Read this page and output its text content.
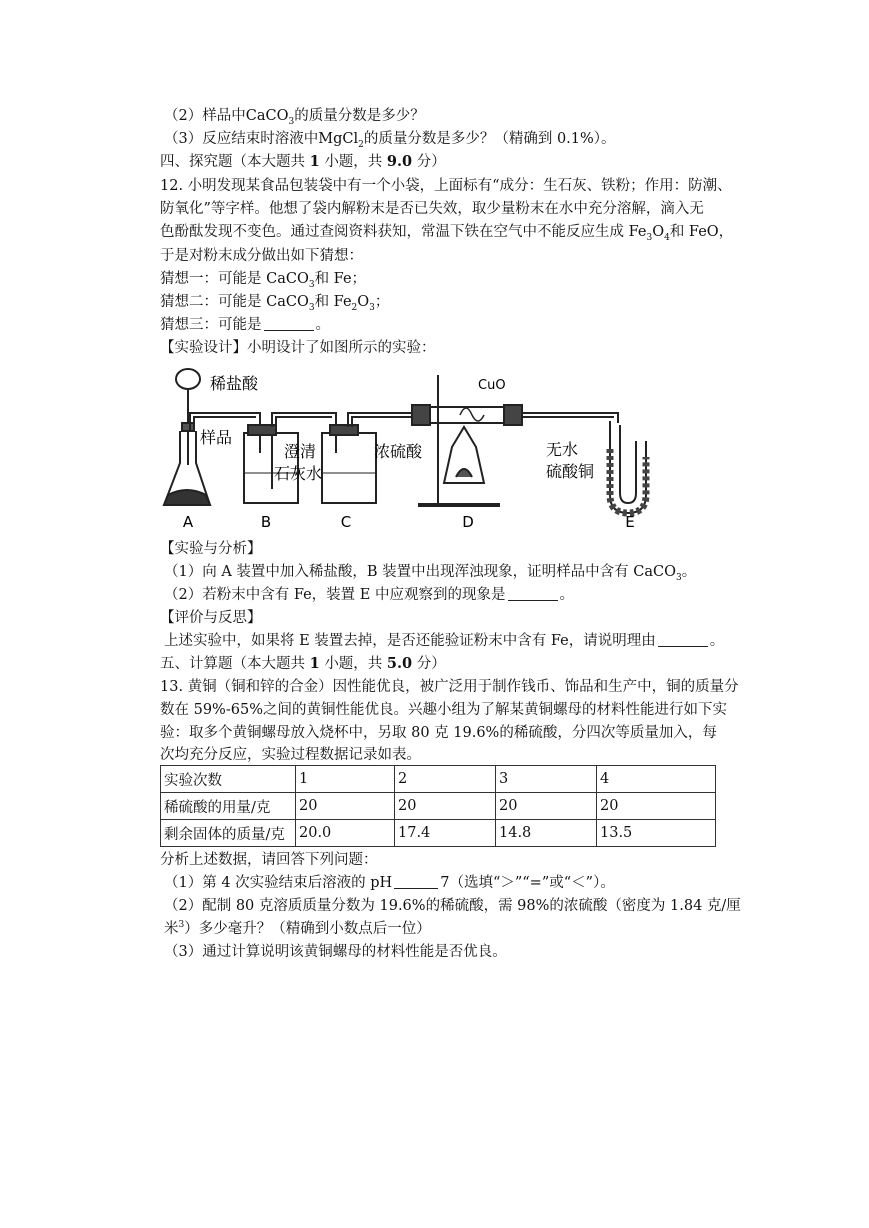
（2）样品中CaCO$_3$的质量分数是多少？
（3）反应结束时溶液中MgCl$_2$的质量分数是多少？（精确到 0.1%）。
四、探究题（本大题共 1 小题，共 9.0 分）
12. 小明发现某食品包装袋中有一个小袋，上面标有“成分：生石灰、铁粉；作用：防潮、
防氧化”等字样。他想了袋内解粉末是否已失效，取少量粉末在水中充分溶解，滴入无
色酚酞发现不变色。通过查阅资料获知，常温下铁在空气中不能反应生成 $Fe_3O_4$和 FeO，
于是对粉末成分做出如下猜想：
猜想一：可能是 CaCO$_3$和 Fe；
猜想二：可能是 CaCO$_3$和 $Fe_2O_3$；
猜想三：可能是	。
【实验设计】小明设计了如图所示的实验：
稀盐酸
样品
澄清
石灰水
浓硫酸
CuO
无水
硫酸铜
A	B	C	D	E
【实验与分析】
（1）向 A 装置中加入稀盐酸，B 装置中出现浑浊现象，证明样品中含有 CaCO$_3$。
（2）若粉末中含有 Fe，装置 E 中应观察到的现象是	。
【评价与反思】
上述实验中，如果将 E 装置去掉，是否还能验证粉末中含有 Fe，请说明理由	。
五、计算题（本大题共 1 小题，共 5.0 分）
13. 黄铜（铜和锌的合金）因性能优良，被广泛用于制作钱币、饰品和生产中，铜的质量分
数在 59%-65%之间的黄铜性能优良。兴趣小组为了解某黄铜螺母的材料性能进行如下实
验：取多个黄铜螺母放入烧杯中，另取 80 克 19.6%的稀硫酸，分四次等质量加入，每
次均充分反应，实验过程数据记录如表。
实验次数	1	2	3	4
稀硫酸的用量/克	20	20	20	20
剩余固体的质量/克	20.0	17.4	14.8	13.5
分析上述数据，请回答下列问题：
（1）第 4 次实验结束后溶液的 pH	7（选填“＞”“=”或“＜”）。
（2）配制 80 克溶质质量分数为 19.6%的稀硫酸，需 98%的浓硫酸（密度为 1.84 克/厘
米$^3$）多少毫升？（精确到小数点后一位）
（3）通过计算说明该黄铜螺母的材料性能是否优良。
